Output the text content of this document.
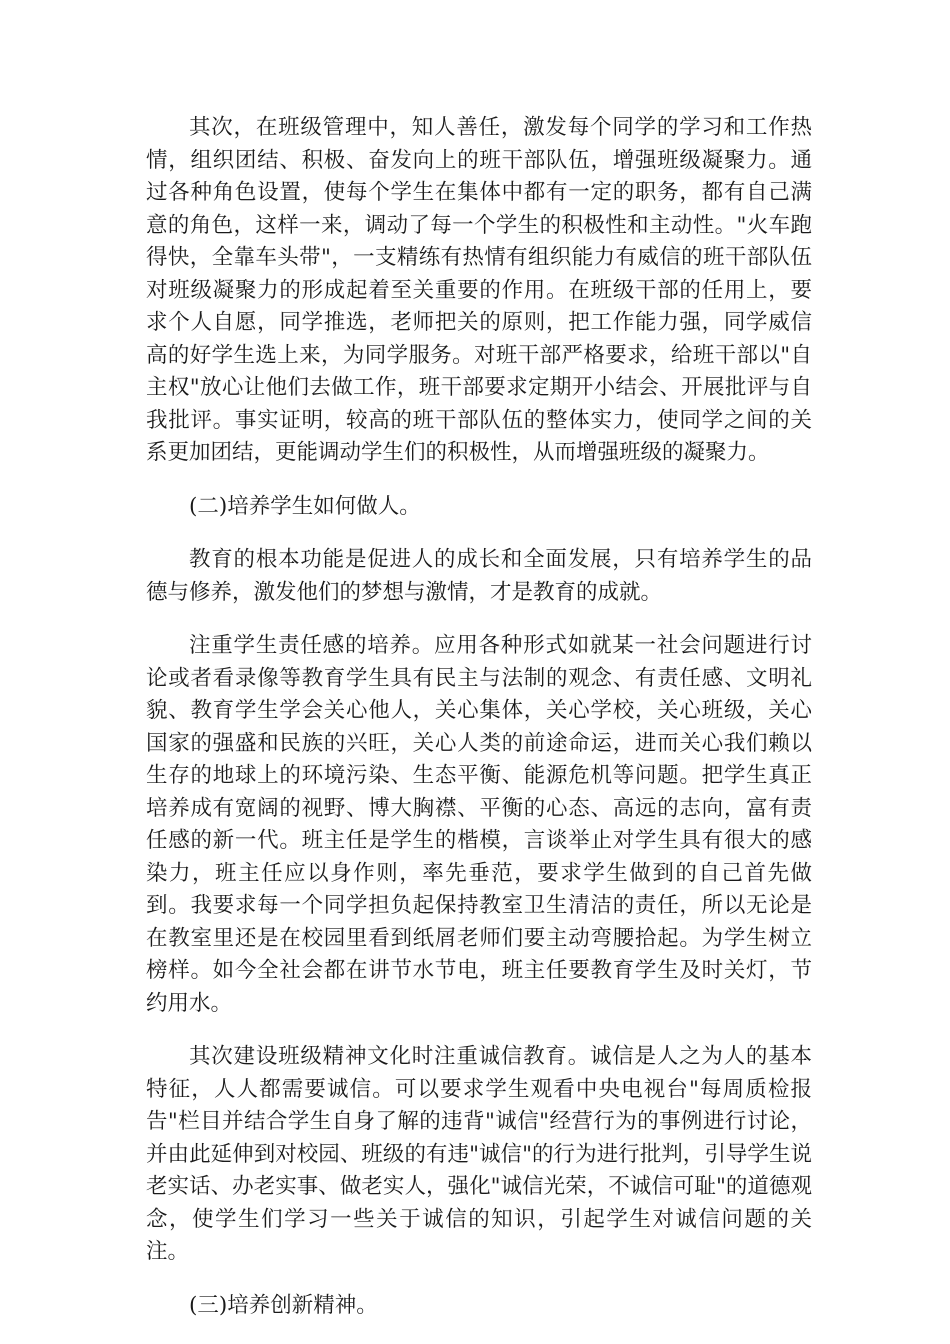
其次，在班级管理中，知人善任，激发每个同学的学习和工作热情，组织团结、积极、奋发向上的班干部队伍，增强班级凝聚力。通过各种角色设置，使每个学生在集体中都有一定的职务，都有自己满意的角色，这样一来，调动了每一个学生的积极性和主动性。"火车跑得快，全靠车头带"，一支精练有热情有组织能力有威信的班干部队伍对班级凝聚力的形成起着至关重要的作用。在班级干部的任用上，要求个人自愿，同学推选，老师把关的原则，把工作能力强，同学威信高的好学生选上来，为同学服务。对班干部严格要求，给班干部以"自主权"放心让他们去做工作，班干部要求定期开小结会、开展批评与自我批评。事实证明，较高的班干部队伍的整体实力，使同学之间的关系更加团结，更能调动学生们的积极性，从而增强班级的凝聚力。

(二)培养学生如何做人。

教育的根本功能是促进人的成长和全面发展，只有培养学生的品德与修养，激发他们的梦想与激情，才是教育的成就。

注重学生责任感的培养。应用各种形式如就某一社会问题进行讨论或者看录像等教育学生具有民主与法制的观念、有责任感、文明礼貌、教育学生学会关心他人，关心集体，关心学校，关心班级，关心国家的强盛和民族的兴旺，关心人类的前途命运，进而关心我们赖以生存的地球上的环境污染、生态平衡、能源危机等问题。把学生真正培养成有宽阔的视野、博大胸襟、平衡的心态、高远的志向，富有责任感的新一代。班主任是学生的楷模，言谈举止对学生具有很大的感染力，班主任应以身作则，率先垂范，要求学生做到的自己首先做到。我要求每一个同学担负起保持教室卫生清洁的责任，所以无论是在教室里还是在校园里看到纸屑老师们要主动弯腰拾起。为学生树立榜样。如今全社会都在讲节水节电，班主任要教育学生及时关灯，节约用水。

其次建设班级精神文化时注重诚信教育。诚信是人之为人的基本特征，人人都需要诚信。可以要求学生观看中央电视台"每周质检报告"栏目并结合学生自身了解的违背"诚信"经营行为的事例进行讨论，并由此延伸到对校园、班级的有违"诚信"的行为进行批判，引导学生说老实话、办老实事、做老实人，强化"诚信光荣，不诚信可耻"的道德观念，使学生们学习一些关于诚信的知识，引起学生对诚信问题的关注。

(三)培养创新精神。
